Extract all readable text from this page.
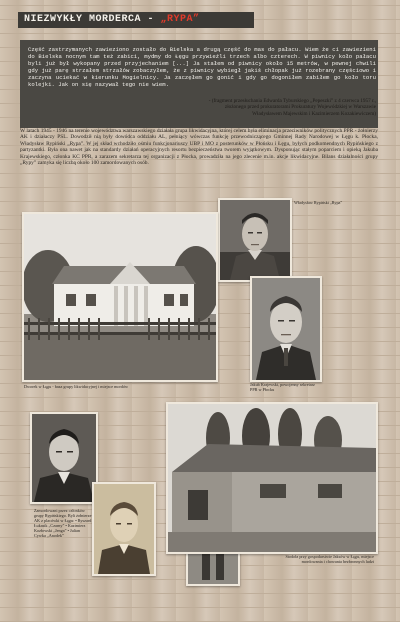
NIEZWYKŁY MORDERCA - „RYPA”
Część zastrzymanych zawieziono zostało do Bielska a drugą część do mas do pałacu. Wiem że ci zawiezieni do Bielska nocnym tam też zabici, mydmy do Łęgu przywieźli trzech albo czterech. W piwnicy koło pałacu byli już był wykopany przed przyjechaniem [...] Ja stałem od piwnicy około 15 metrów, w pewnej chwili gdy już parę strzałem strzałów zobaczyłem, że z piwnicy wybiegł jakiś chłopak już rozebrany częściowo i zaczyna uciekać w kierunku Mogielnicy. Ja zaczęłem go gonić i gdy go dogoniłem zabiłem go koło toru kolejki. Jak on się nazywał tego nie wiem.
- (fragment przesłuchania Edwarda Tyburskiego „Pepeszki” z 4 czerwca 1957 r., złożonego przed prokuratorami Prokuratury Wojewódzkiej w Warszawie Władysławem Majewskim i Kazimierzem Kozakiewiczem)
W latach 1945 - 1946 na terenie województwa warszawskiego działała grupa likwidacyjna, której celem była eliminacja przeciwników politycznych PPR - żołnierzy AK i działaczy PSL. Dowodził nią były dowódca oddziału AL, pełniący wówczas funkcję przewodniczącego Gminnej Rady Narodowej w Łęgu k. Płocka, Władysław Rypiński „Rypa”. W jej skład wchodziło ośmiu funkcjonariuszy UBP i MO z posterunków w Płońsku i Łęgu, byłych podkomendnych Rypińskiego z partyzantki. Była ona nawet jak na standardy działań operacyjnych resortu bezpieczeństwa tworem wyjątkowym. Dysponując stałym poparciem i opieką Jakuba Krajewskiego, członka KC PPR, a zarazem sekretarza tej organizacji z Płocka, prowadziła na jego zlecenie m.in. akcje likwidacyjne. Bilans działalności grupy „Rypy” zamyka się liczbą około 100 zamordowanych osób.
Władysław Rypiński „Rypa”
Dworek w Łęgu - baza grupy likwidacyjnej i miejsce mordów	Jakub Krajewski, powojenny sekretarz PPR w Płocku
Zamordowani przez członków grupy Rypińskiego. Byli żołnierze AK z placówki w Łęgu: • Ryszard Łukasik „Czarny” • Kazimierz Kozłowski „Jenga” • Julian Cywka „Anodek”
Stodoła przy gospodarstwie Jaksów w Łęgu, miejsce mordowania i chowania bezbronnych ludzi
